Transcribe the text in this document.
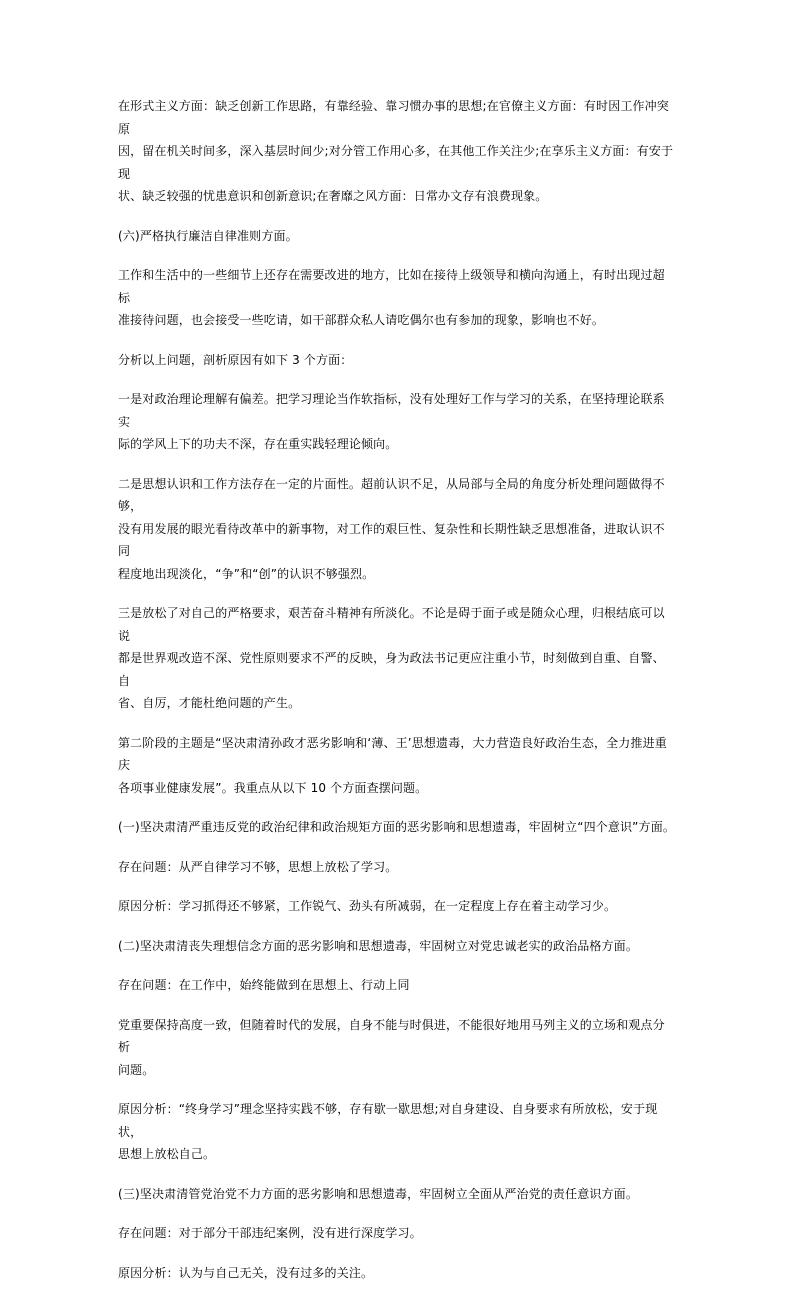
在形式主义方面：缺乏创新工作思路，有靠经验、靠习惯办事的思想;在官僚主义方面：有时因工作冲突原
因，留在机关时间多，深入基层时间少;对分管工作用心多，在其他工作关注少;在享乐主义方面：有安于现
状、缺乏较强的忧患意识和创新意识;在奢靡之风方面：日常办文存有浪费现象。

(六)严格执行廉洁自律准则方面。

工作和生活中的一些细节上还存在需要改进的地方，比如在接待上级领导和横向沟通上，有时出现过超标
准接待问题，也会接受一些吃请，如干部群众私人请吃偶尔也有参加的现象，影响也不好。

分析以上问题，剖析原因有如下 3 个方面：

一是对政治理论理解有偏差。把学习理论当作软指标，没有处理好工作与学习的关系，在坚持理论联系实
际的学风上下的功夫不深，存在重实践轻理论倾向。

二是思想认识和工作方法存在一定的片面性。超前认识不足，从局部与全局的角度分析处理问题做得不够，
没有用发展的眼光看待改革中的新事物，对工作的艰巨性、复杂性和长期性缺乏思想准备，进取认识不同
程度地出现淡化，“争”和“创”的认识不够强烈。

三是放松了对自己的严格要求，艰苦奋斗精神有所淡化。不论是碍于面子或是随众心理，归根结底可以说
都是世界观改造不深、党性原则要求不严的反映，身为政法书记更应注重小节，时刻做到自重、自警、自
省、自厉，才能杜绝问题的产生。

第二阶段的主题是“坚决肃清孙政才恶劣影响和‘薄、王’思想遗毒，大力营造良好政治生态，全力推进重庆
各项事业健康发展”。我重点从以下 10 个方面查摆问题。

(一)坚决肃清严重违反党的政治纪律和政治规矩方面的恶劣影响和思想遗毒，牢固树立“四个意识”方面。

存在问题：从严自律学习不够，思想上放松了学习。

原因分析：学习抓得还不够紧，工作锐气、劲头有所减弱，在一定程度上存在着主动学习少。

(二)坚决肃清丧失理想信念方面的恶劣影响和思想遗毒，牢固树立对党忠诚老实的政治品格方面。

存在问题：在工作中，始终能做到在思想上、行动上同

党重要保持高度一致，但随着时代的发展，自身不能与时俱进，不能很好地用马列主义的立场和观点分析
问题。

原因分析：“终身学习”理念坚持实践不够，存有歇一歇思想;对自身建设、自身要求有所放松，安于现状，
思想上放松自己。

(三)坚决肃清管党治党不力方面的恶劣影响和思想遗毒，牢固树立全面从严治党的责任意识方面。

存在问题：对于部分干部违纪案例，没有进行深度学习。

原因分析：认为与自己无关，没有过多的关注。
